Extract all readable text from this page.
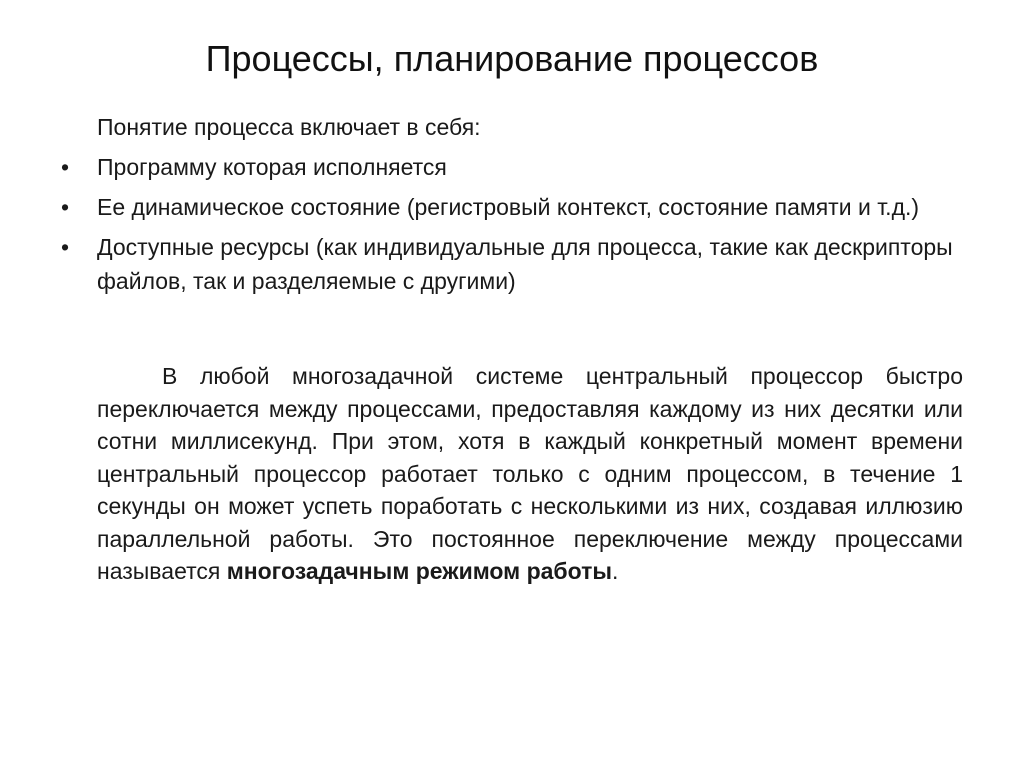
Процессы, планирование процессов
Понятие процесса включает в себя:
• Программу которая исполняется
• Ее динамическое состояние (регистровый контекст, состояние памяти и т.д.)
• Доступные ресурсы (как индивидуальные для процесса, такие как дескрипторы файлов, так и разделяемые с другими)

В любой многозадачной системе центральный процессор быстро переключается между процессами, предоставляя каждому из них десятки или сотни миллисекунд. При этом, хотя в каждый конкретный момент времени центральный процессор работает только с одним процессом, в течение 1 секунды он может успеть поработать с несколькими из них, создавая иллюзию параллельной работы. Это постоянное переключение между процессами называется многозадачным режимом работы.
